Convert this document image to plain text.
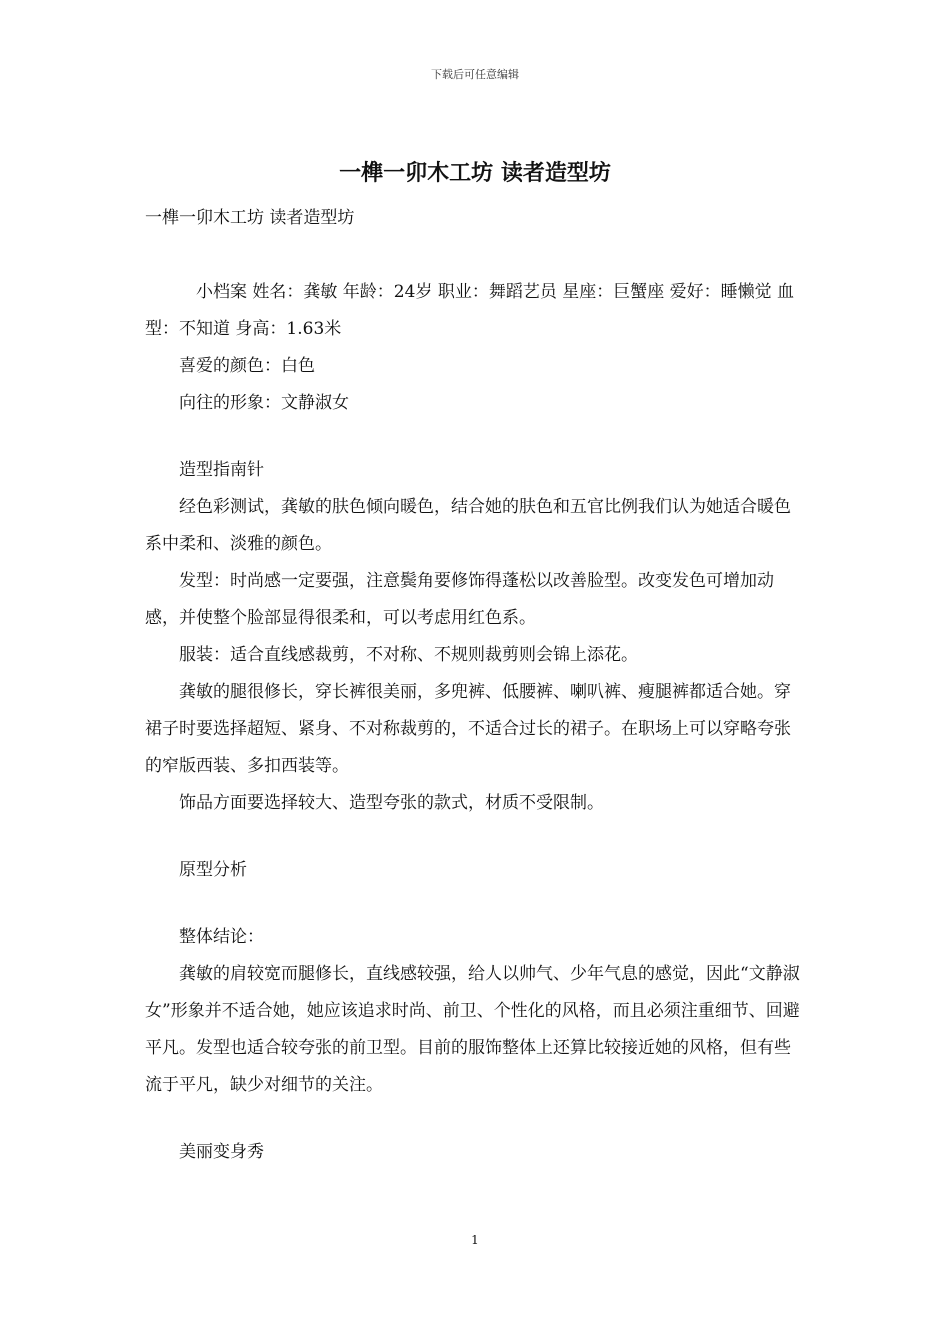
下载后可任意编辑
一榫一卯木工坊 读者造型坊

一榫一卯木工坊 读者造型坊

小档案 姓名：龚敏 年龄：24岁 职业：舞蹈艺员 星座：巨蟹座 爱好：睡懒觉 血型：不知道 身高：1.63米

喜爱的颜色：白色

向往的形象：文静淑女

造型指南针

经色彩测试，龚敏的肤色倾向暖色，结合她的肤色和五官比例我们认为她适合暖色系中柔和、淡雅的颜色。

发型：时尚感一定要强，注意鬓角要修饰得蓬松以改善脸型。改变发色可增加动感，并使整个脸部显得很柔和，可以考虑用红色系。

服装：适合直线感裁剪，不对称、不规则裁剪则会锦上添花。

龚敏的腿很修长，穿长裤很美丽，多兜裤、低腰裤、喇叭裤、瘦腿裤都适合她。穿裙子时要选择超短、紧身、不对称裁剪的，不适合过长的裙子。在职场上可以穿略夸张的窄版西装、多扣西装等。

饰品方面要选择较大、造型夸张的款式，材质不受限制。

原型分析

整体结论：

龚敏的肩较宽而腿修长，直线感较强，给人以帅气、少年气息的感觉，因此“文静淑女”形象并不适合她，她应该追求时尚、前卫、个性化的风格，而且必须注重细节、回避平凡。发型也适合较夸张的前卫型。目前的服饰整体上还算比较接近她的风格，但有些流于平凡，缺少对细节的关注。

美丽变身秀

1
